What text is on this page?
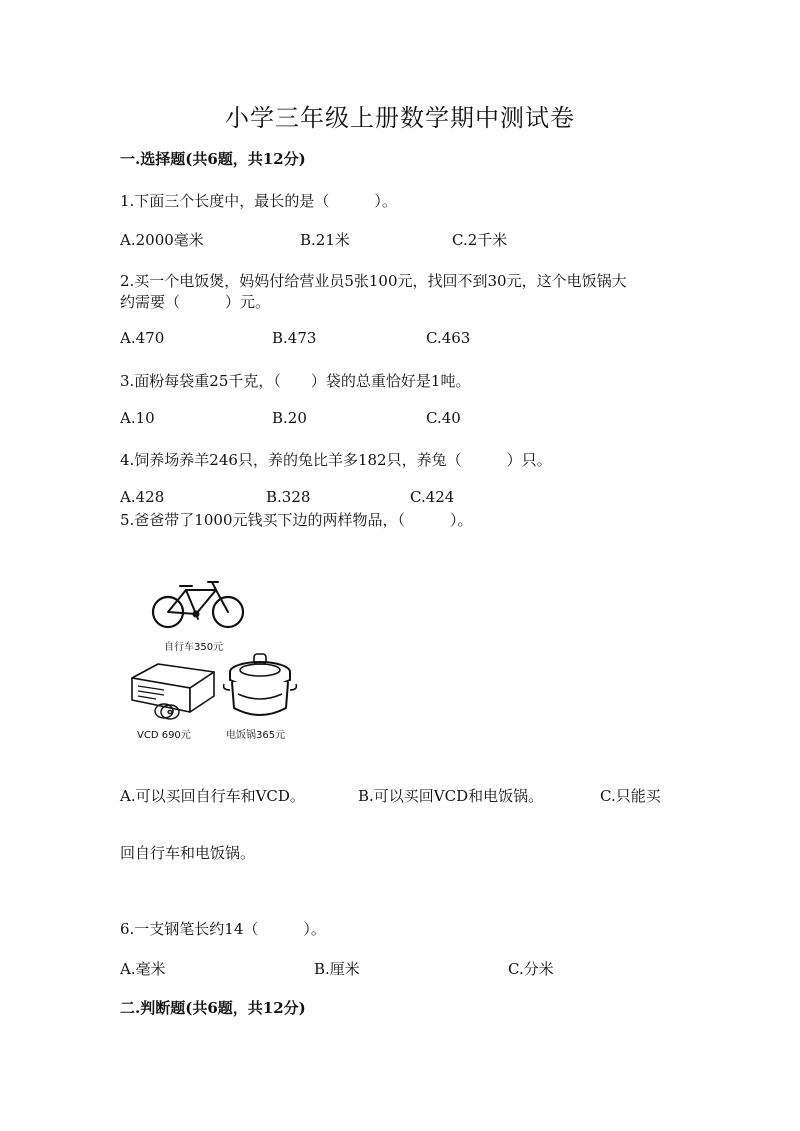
小学三年级上册数学期中测试卷
一.选择题(共6题，共12分)
1.下面三个长度中，最长的是（　　　）。
A.2000毫米	B.21米	C.2千米
2.买一个电饭煲，妈妈付给营业员5张100元，找回不到30元，这个电饭锅大
约需要（　　　）元。
A.470	B.473	C.463
3.面粉每袋重25千克，（　　）袋的总重恰好是1吨。
A.10	B.20	C.40
4.饲养场养羊246只，养的兔比羊多182只，养兔（　　　）只。
A.428	B.328	C.424
5.爸爸带了1000元钱买下边的两样物品，（　　　）。
自行车350元
VCD 690元	电饭锅365元
A.可以买回自行车和VCD。	B.可以买回VCD和电饭锅。	C.只能买
回自行车和电饭锅。
6.一支钢笔长约14（　　　）。
A.毫米	B.厘米	C.分米
二.判断题(共6题，共12分)
